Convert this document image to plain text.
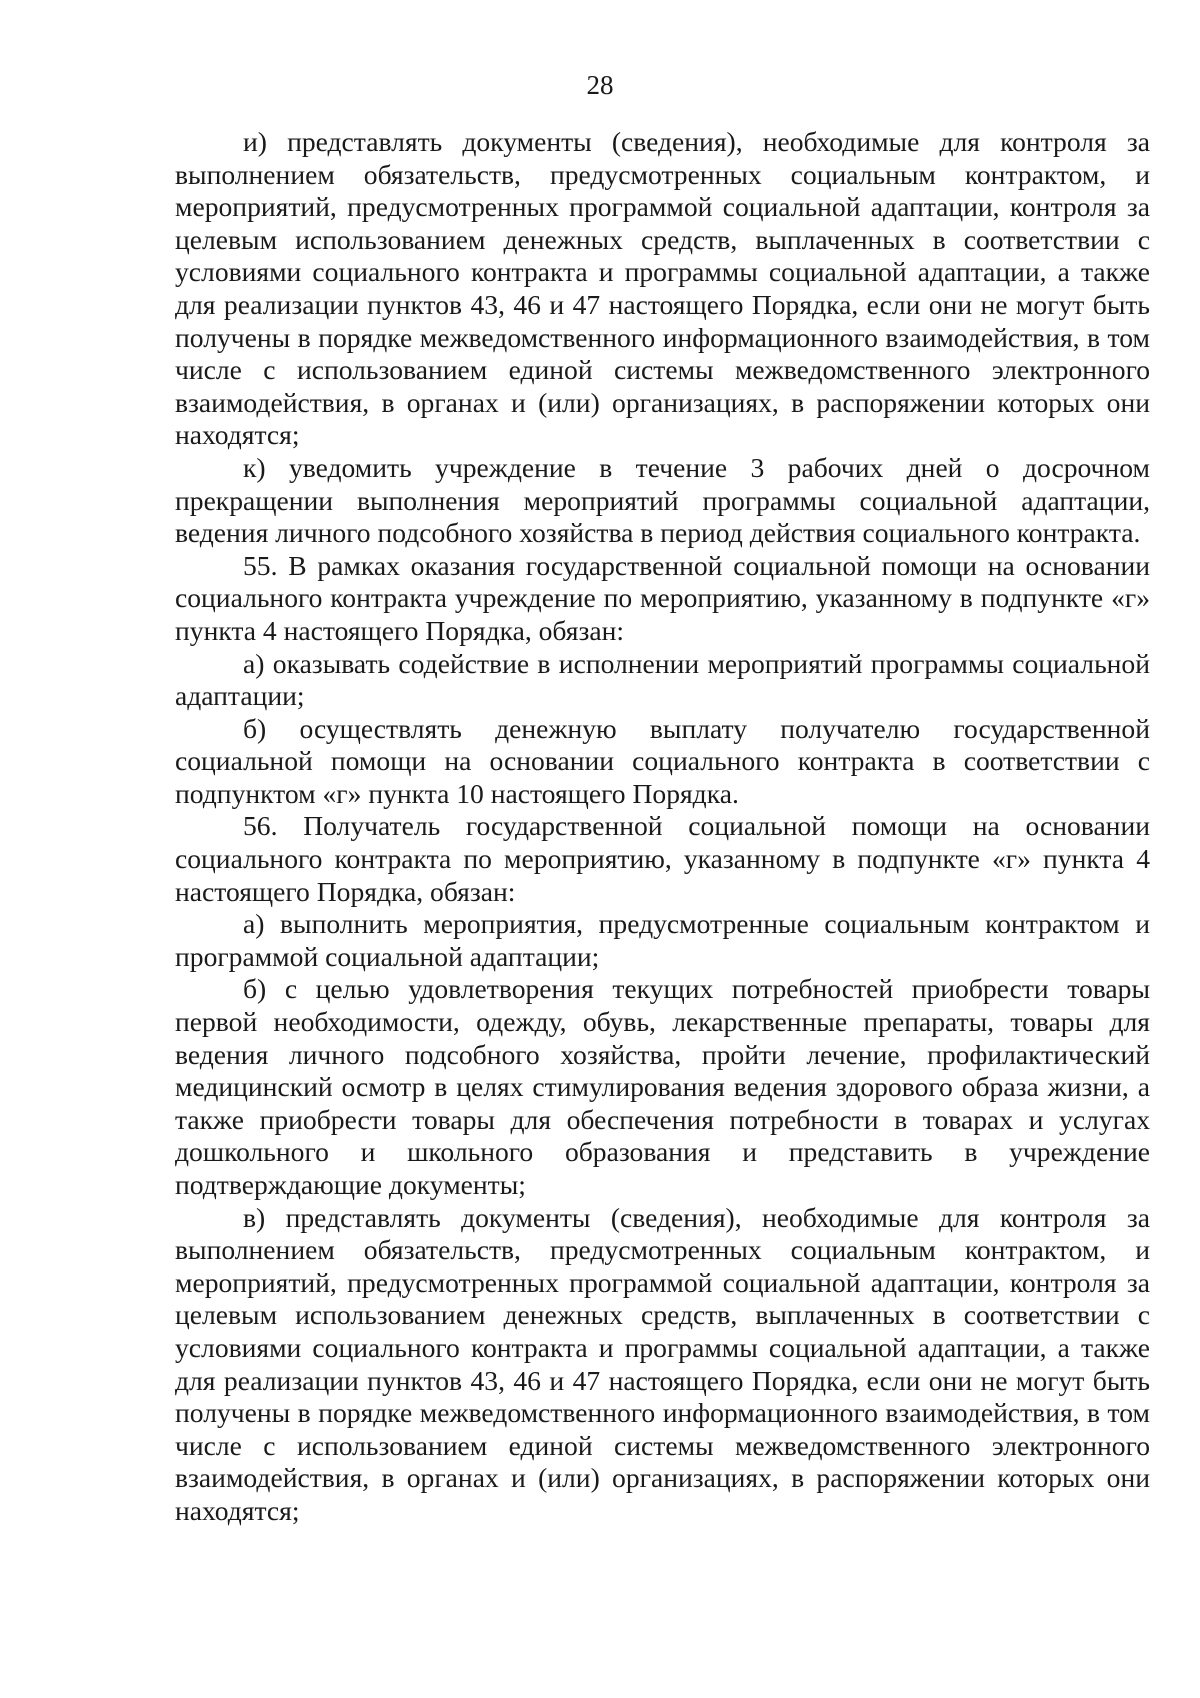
28

и) представлять документы (сведения), необходимые для контроля за выполнением обязательств, предусмотренных социальным контрактом, и мероприятий, предусмотренных программой социальной адаптации, контроля за целевым использованием денежных средств, выплаченных в соответствии с условиями социального контракта и программы социальной адаптации, а также для реализации пунктов 43, 46 и 47 настоящего Порядка, если они не могут быть получены в порядке межведомственного информационного взаимодействия, в том числе с использованием единой системы межведомственного электронного взаимодействия, в органах и (или) организациях, в распоряжении которых они находятся;

к) уведомить учреждение в течение 3 рабочих дней о досрочном прекращении выполнения мероприятий программы социальной адаптации, ведения личного подсобного хозяйства в период действия социального контракта.

55. В рамках оказания государственной социальной помощи на основании социального контракта учреждение по мероприятию, указанному в подпункте «г» пункта 4 настоящего Порядка, обязан:

а) оказывать содействие в исполнении мероприятий программы социальной адаптации;

б) осуществлять денежную выплату получателю государственной социальной помощи на основании социального контракта в соответствии с подпунктом «г» пункта 10 настоящего Порядка.

56. Получатель государственной социальной помощи на основании социального контракта по мероприятию, указанному в подпункте «г» пункта 4 настоящего Порядка, обязан:

а) выполнить мероприятия, предусмотренные социальным контрактом и программой социальной адаптации;

б) с целью удовлетворения текущих потребностей приобрести товары первой необходимости, одежду, обувь, лекарственные препараты, товары для ведения личного подсобного хозяйства, пройти лечение, профилактический медицинский осмотр в целях стимулирования ведения здорового образа жизни, а также приобрести товары для обеспечения потребности в товарах и услугах дошкольного и школьного образования и представить в учреждение подтверждающие документы;

в) представлять документы (сведения), необходимые для контроля за выполнением обязательств, предусмотренных социальным контрактом, и мероприятий, предусмотренных программой социальной адаптации, контроля за целевым использованием денежных средств, выплаченных в соответствии с условиями социального контракта и программы социальной адаптации, а также для реализации пунктов 43, 46 и 47 настоящего Порядка, если они не могут быть получены в порядке межведомственного информационного взаимодействия, в том числе с использованием единой системы межведомственного электронного взаимодействия, в органах и (или) организациях, в распоряжении которых они находятся;
